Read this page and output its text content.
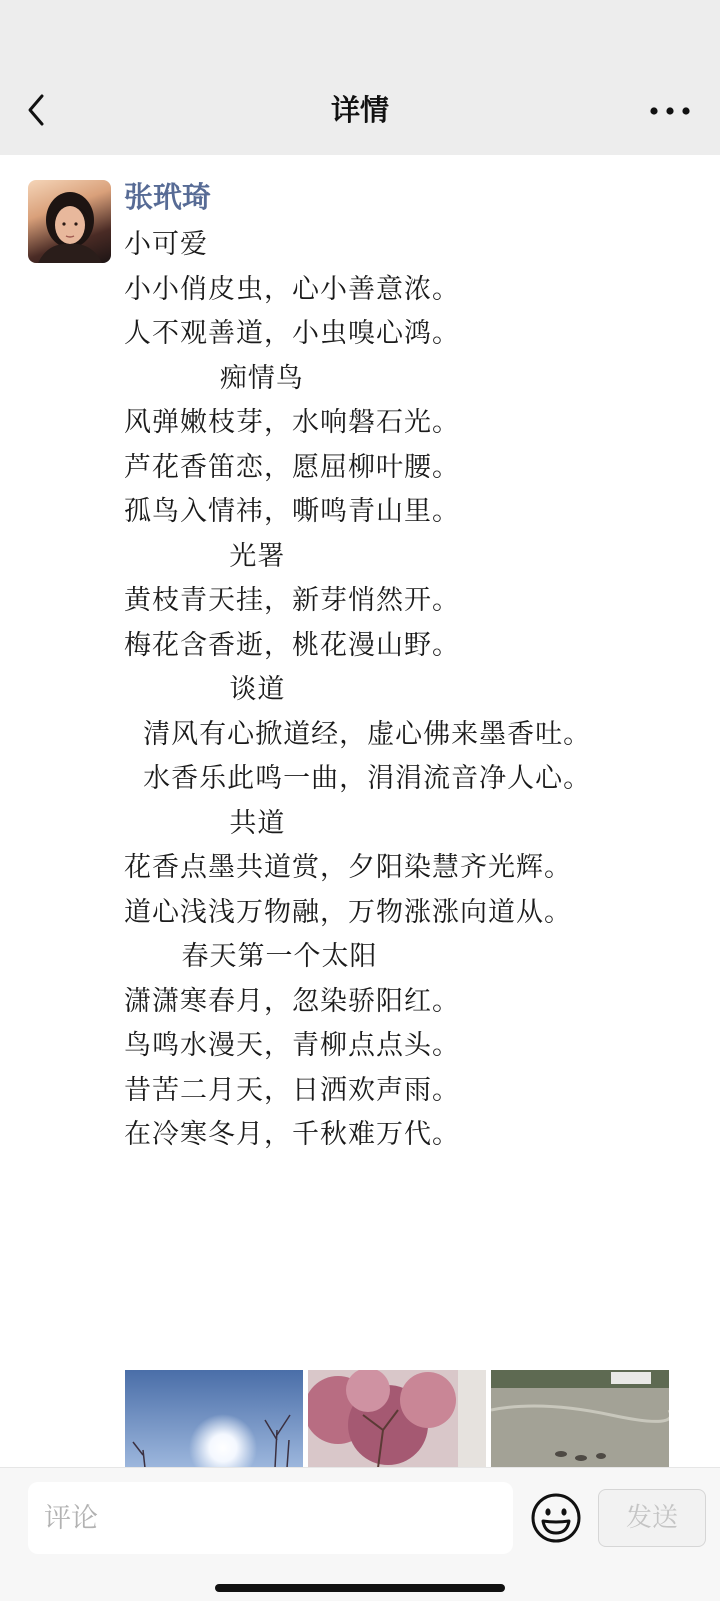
详情
张玳琦
小可爱
小小俏皮虫，心小善意浓。
人不观善道，小虫嗅心鸿。
痴情鸟
风弹嫩枝芽，水响磐石光。
芦花香笛恋，愿屈柳叶腰。
孤鸟入情祎，嘶鸣青山里。
光署
黄枝青天挂，新芽悄然开。
梅花含香逝，桃花漫山野。
谈道
清风有心掀道经，虚心佛来墨香吐。
水香乐此鸣一曲，涓涓流音净人心。
共道
花香点墨共道赏，夕阳染慧齐光辉。
道心浅浅万物融，万物涨涨向道从。
春天第一个太阳
潇潇寒春月，忽染骄阳红。
鸟鸣水漫天，青柳点点头。
昔苦二月天，日洒欢声雨。
在冷寒冬月，千秋难万代。
评论
发送
